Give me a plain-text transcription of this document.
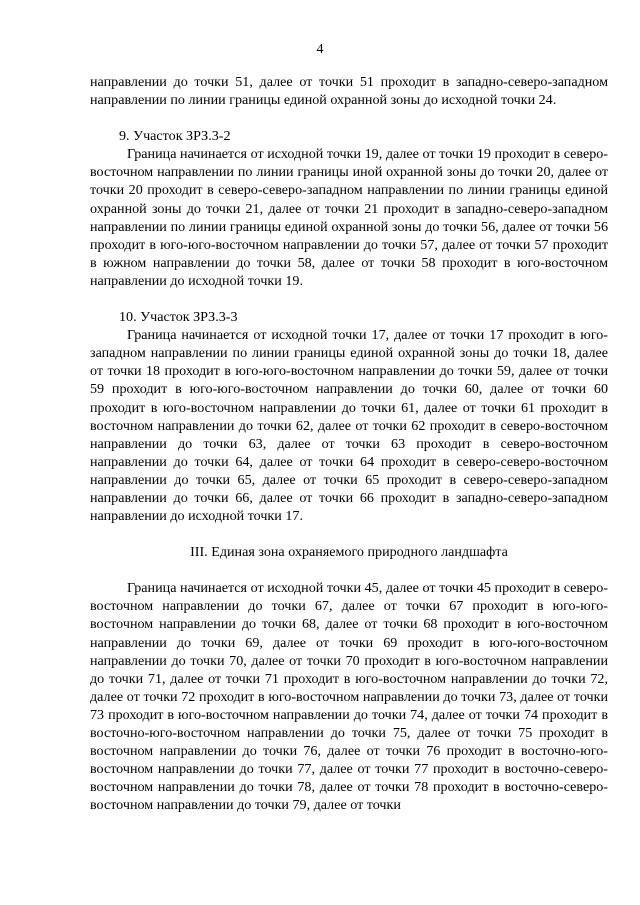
4

направлении до точки 51, далее от точки 51 проходит в западно-северо-западном направлении по линии границы единой охранной зоны до исходной точки 24.

9. Участок ЗРЗ.3-2

Граница начинается от исходной точки 19, далее от точки 19 проходит в северо-восточном направлении по линии границы иной охранной зоны до точки 20, далее от точки 20 проходит в северо-северо-западном направлении по линии границы единой охранной зоны до точки 21, далее от точки 21 проходит в западно-северо-западном направлении по линии границы единой охранной зоны до точки 56, далее от точки 56 проходит в юго-юго-восточном направлении до точки 57, далее от точки 57 проходит в южном направлении до точки 58, далее от точки 58 проходит в юго-восточном направлении до исходной точки 19.

10. Участок ЗРЗ.3-3

Граница начинается от исходной точки 17, далее от точки 17 проходит в юго-западном направлении по линии границы единой охранной зоны до точки 18, далее от точки 18 проходит в юго-юго-восточном направлении до точки 59, далее от точки 59 проходит в юго-юго-восточном направлении до точки 60, далее от точки 60 проходит в юго-восточном направлении до точки 61, далее от точки 61 проходит в восточном направлении до точки 62, далее от точки 62 проходит в северо-восточном направлении до точки 63, далее от точки 63 проходит в северо-восточном направлении до точки 64, далее от точки 64 проходит в северо-северо-восточном направлении до точки 65, далее от точки 65 проходит в северо-северо-западном направлении до точки 66, далее от точки 66 проходит в западно-северо-западном направлении до исходной точки 17.

III. Единая зона охраняемого природного ландшафта

Граница начинается от исходной точки 45, далее от точки 45 проходит в северо-восточном направлении до точки 67, далее от точки 67 проходит в юго-юго-восточном направлении до точки 68, далее от точки 68 проходит в юго-восточном направлении до точки 69, далее от точки 69 проходит в юго-юго-восточном направлении до точки 70, далее от точки 70 проходит в юго-восточном направлении до точки 71, далее от точки 71 проходит в юго-восточном направлении до точки 72, далее от точки 72 проходит в юго-восточном направлении до точки 73, далее от точки 73 проходит в юго-восточном направлении до точки 74, далее от точки 74 проходит в восточно-юго-восточном направлении до точки 75, далее от точки 75 проходит в восточном направлении до точки 76, далее от точки 76 проходит в восточно-юго-восточном направлении до точки 77, далее от точки 77 проходит в восточно-северо-восточном направлении до точки 78, далее от точки 78 проходит в восточно-северо-восточном направлении до точки 79, далее от точки
